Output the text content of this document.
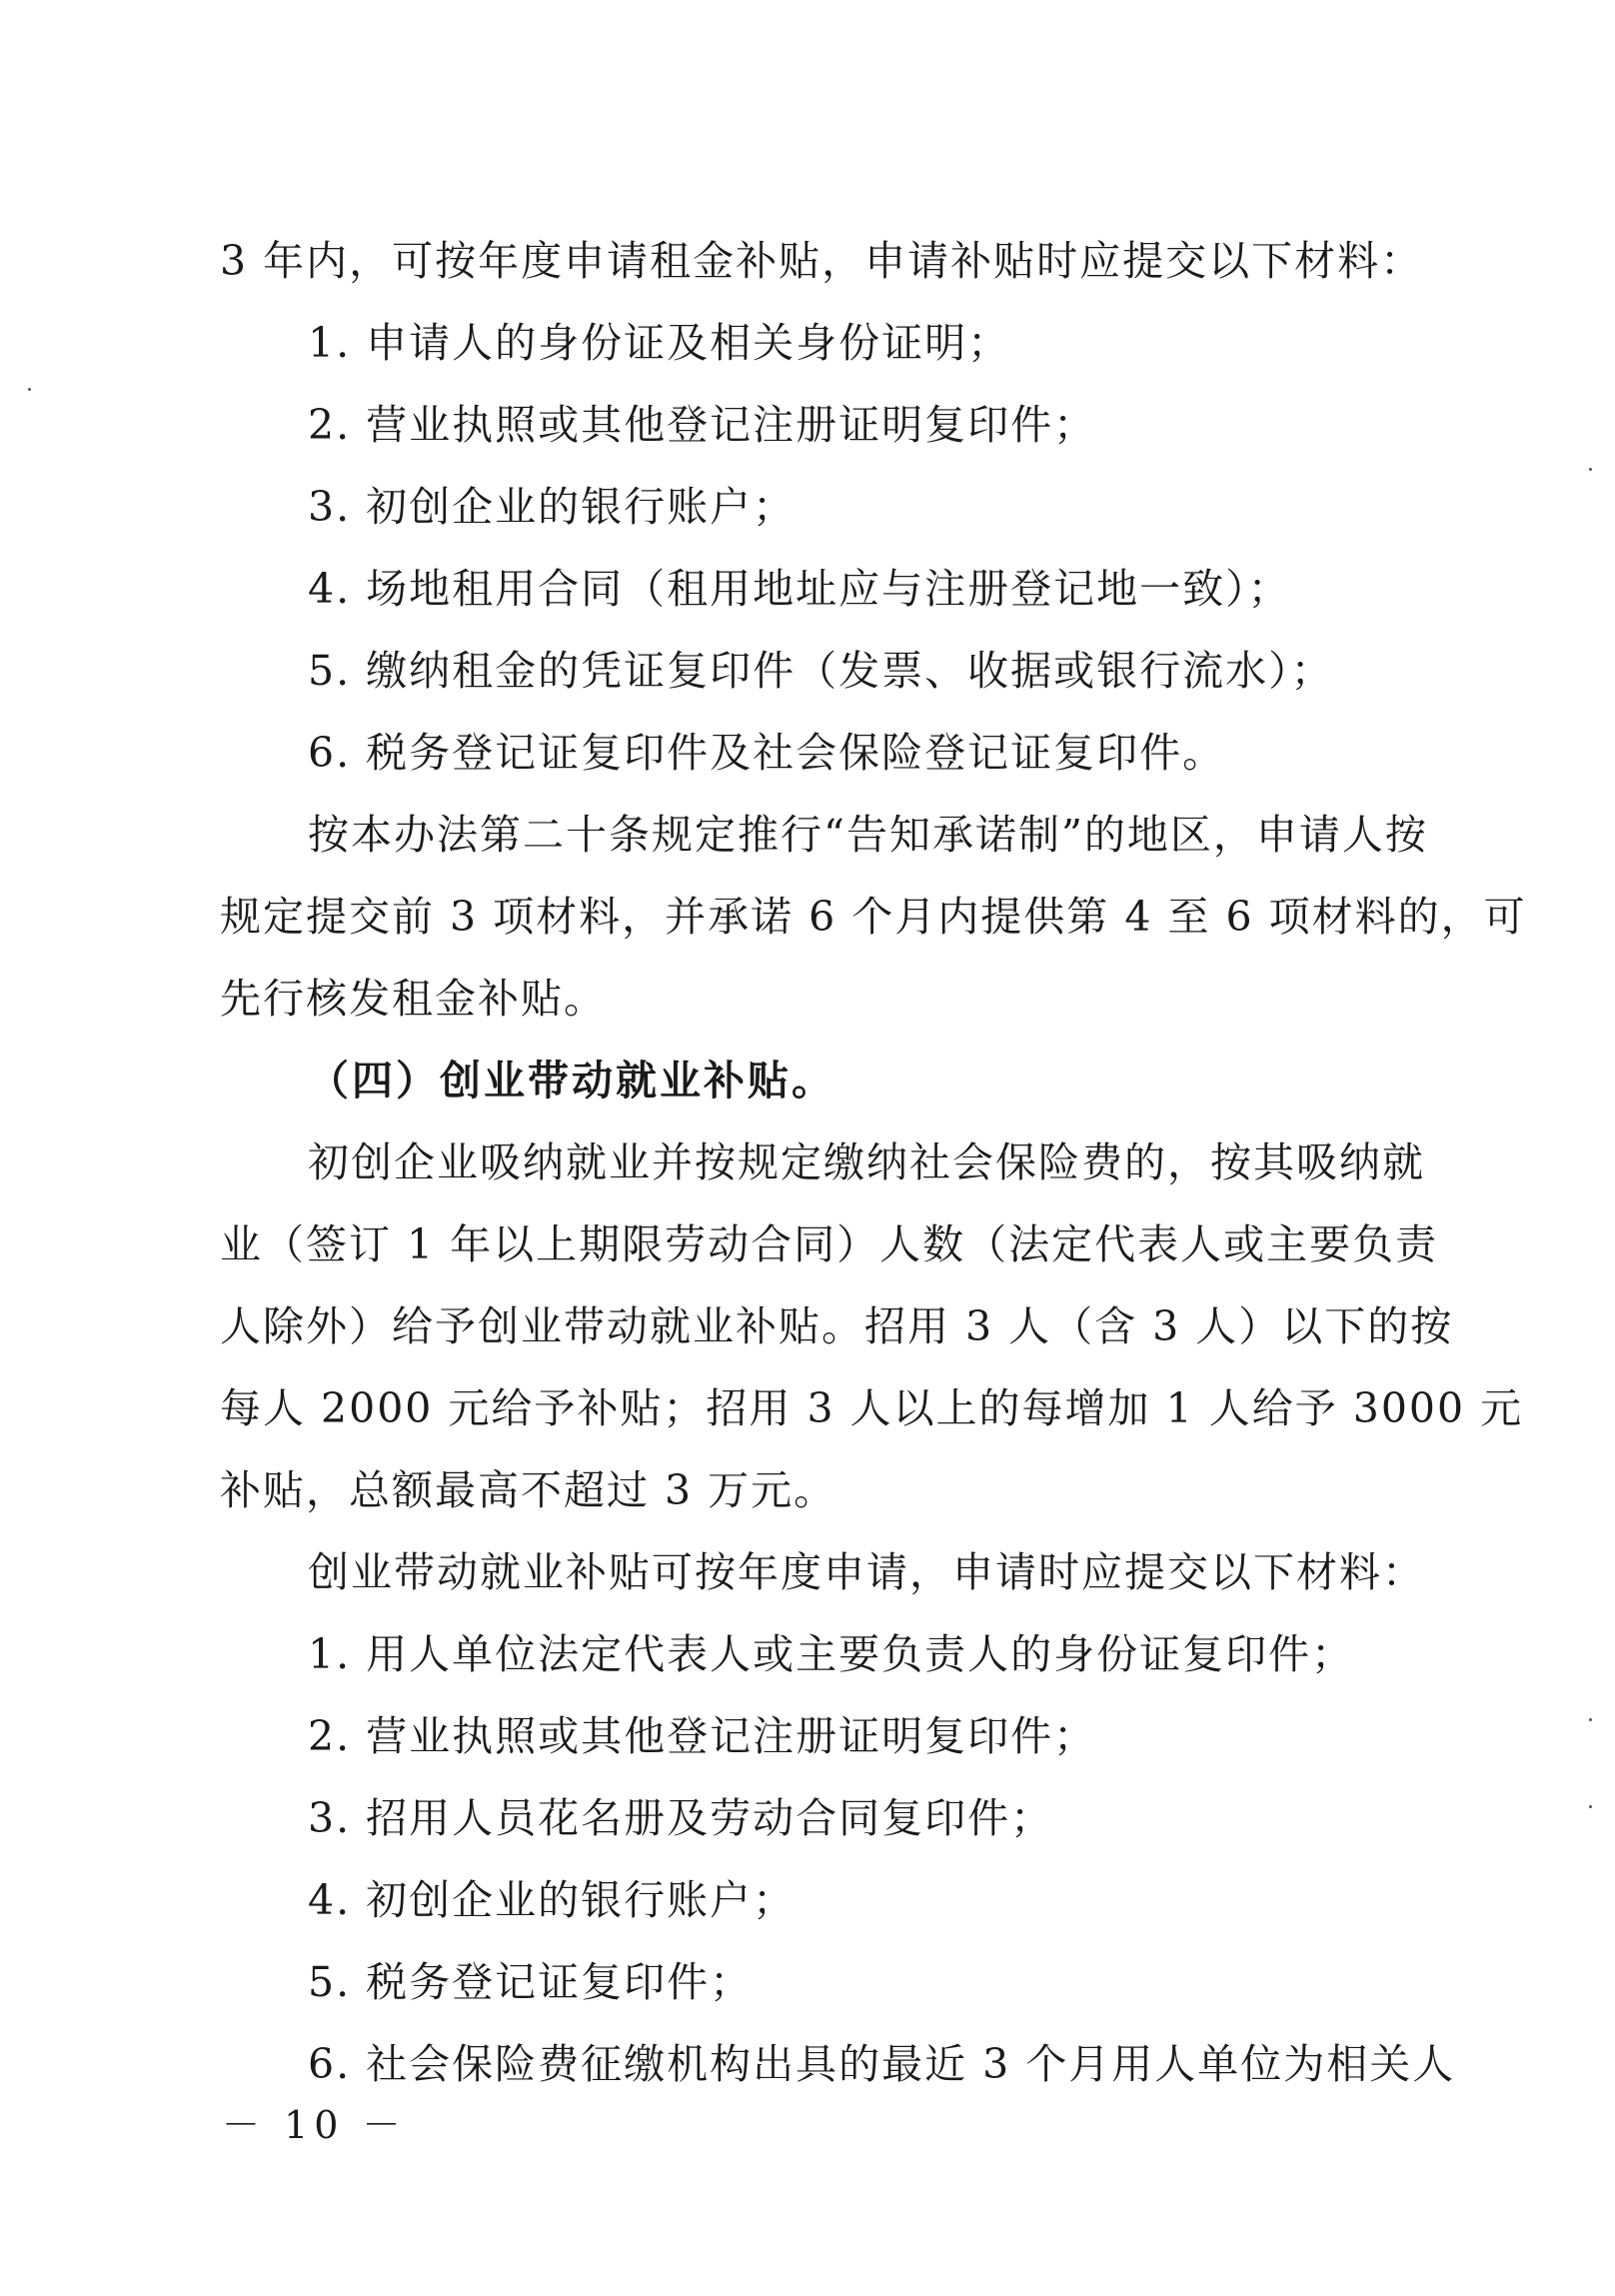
3 年内，可按年度申请租金补贴，申请补贴时应提交以下材料：
1. 申请人的身份证及相关身份证明；
2. 营业执照或其他登记注册证明复印件；
3. 初创企业的银行账户；
4. 场地租用合同（租用地址应与注册登记地一致）；
5. 缴纳租金的凭证复印件（发票、收据或银行流水）；
6. 税务登记证复印件及社会保险登记证复印件。
按本办法第二十条规定推行“告知承诺制”的地区，申请人按
规定提交前 3 项材料，并承诺 6 个月内提供第 4 至 6 项材料的，可
先行核发租金补贴。
（四）创业带动就业补贴。
初创企业吸纳就业并按规定缴纳社会保险费的，按其吸纳就
业（签订 1 年以上期限劳动合同）人数（法定代表人或主要负责
人除外）给予创业带动就业补贴。招用 3 人（含 3 人）以下的按
每人 2000 元给予补贴；招用 3 人以上的每增加 1 人给予 3000 元
补贴，总额最高不超过 3 万元。
创业带动就业补贴可按年度申请，申请时应提交以下材料：
1. 用人单位法定代表人或主要负责人的身份证复印件；
2. 营业执照或其他登记注册证明复印件；
3. 招用人员花名册及劳动合同复印件；
4. 初创企业的银行账户；
5. 税务登记证复印件；
6. 社会保险费征缴机构出具的最近 3 个月用人单位为相关人
－ 10 －
